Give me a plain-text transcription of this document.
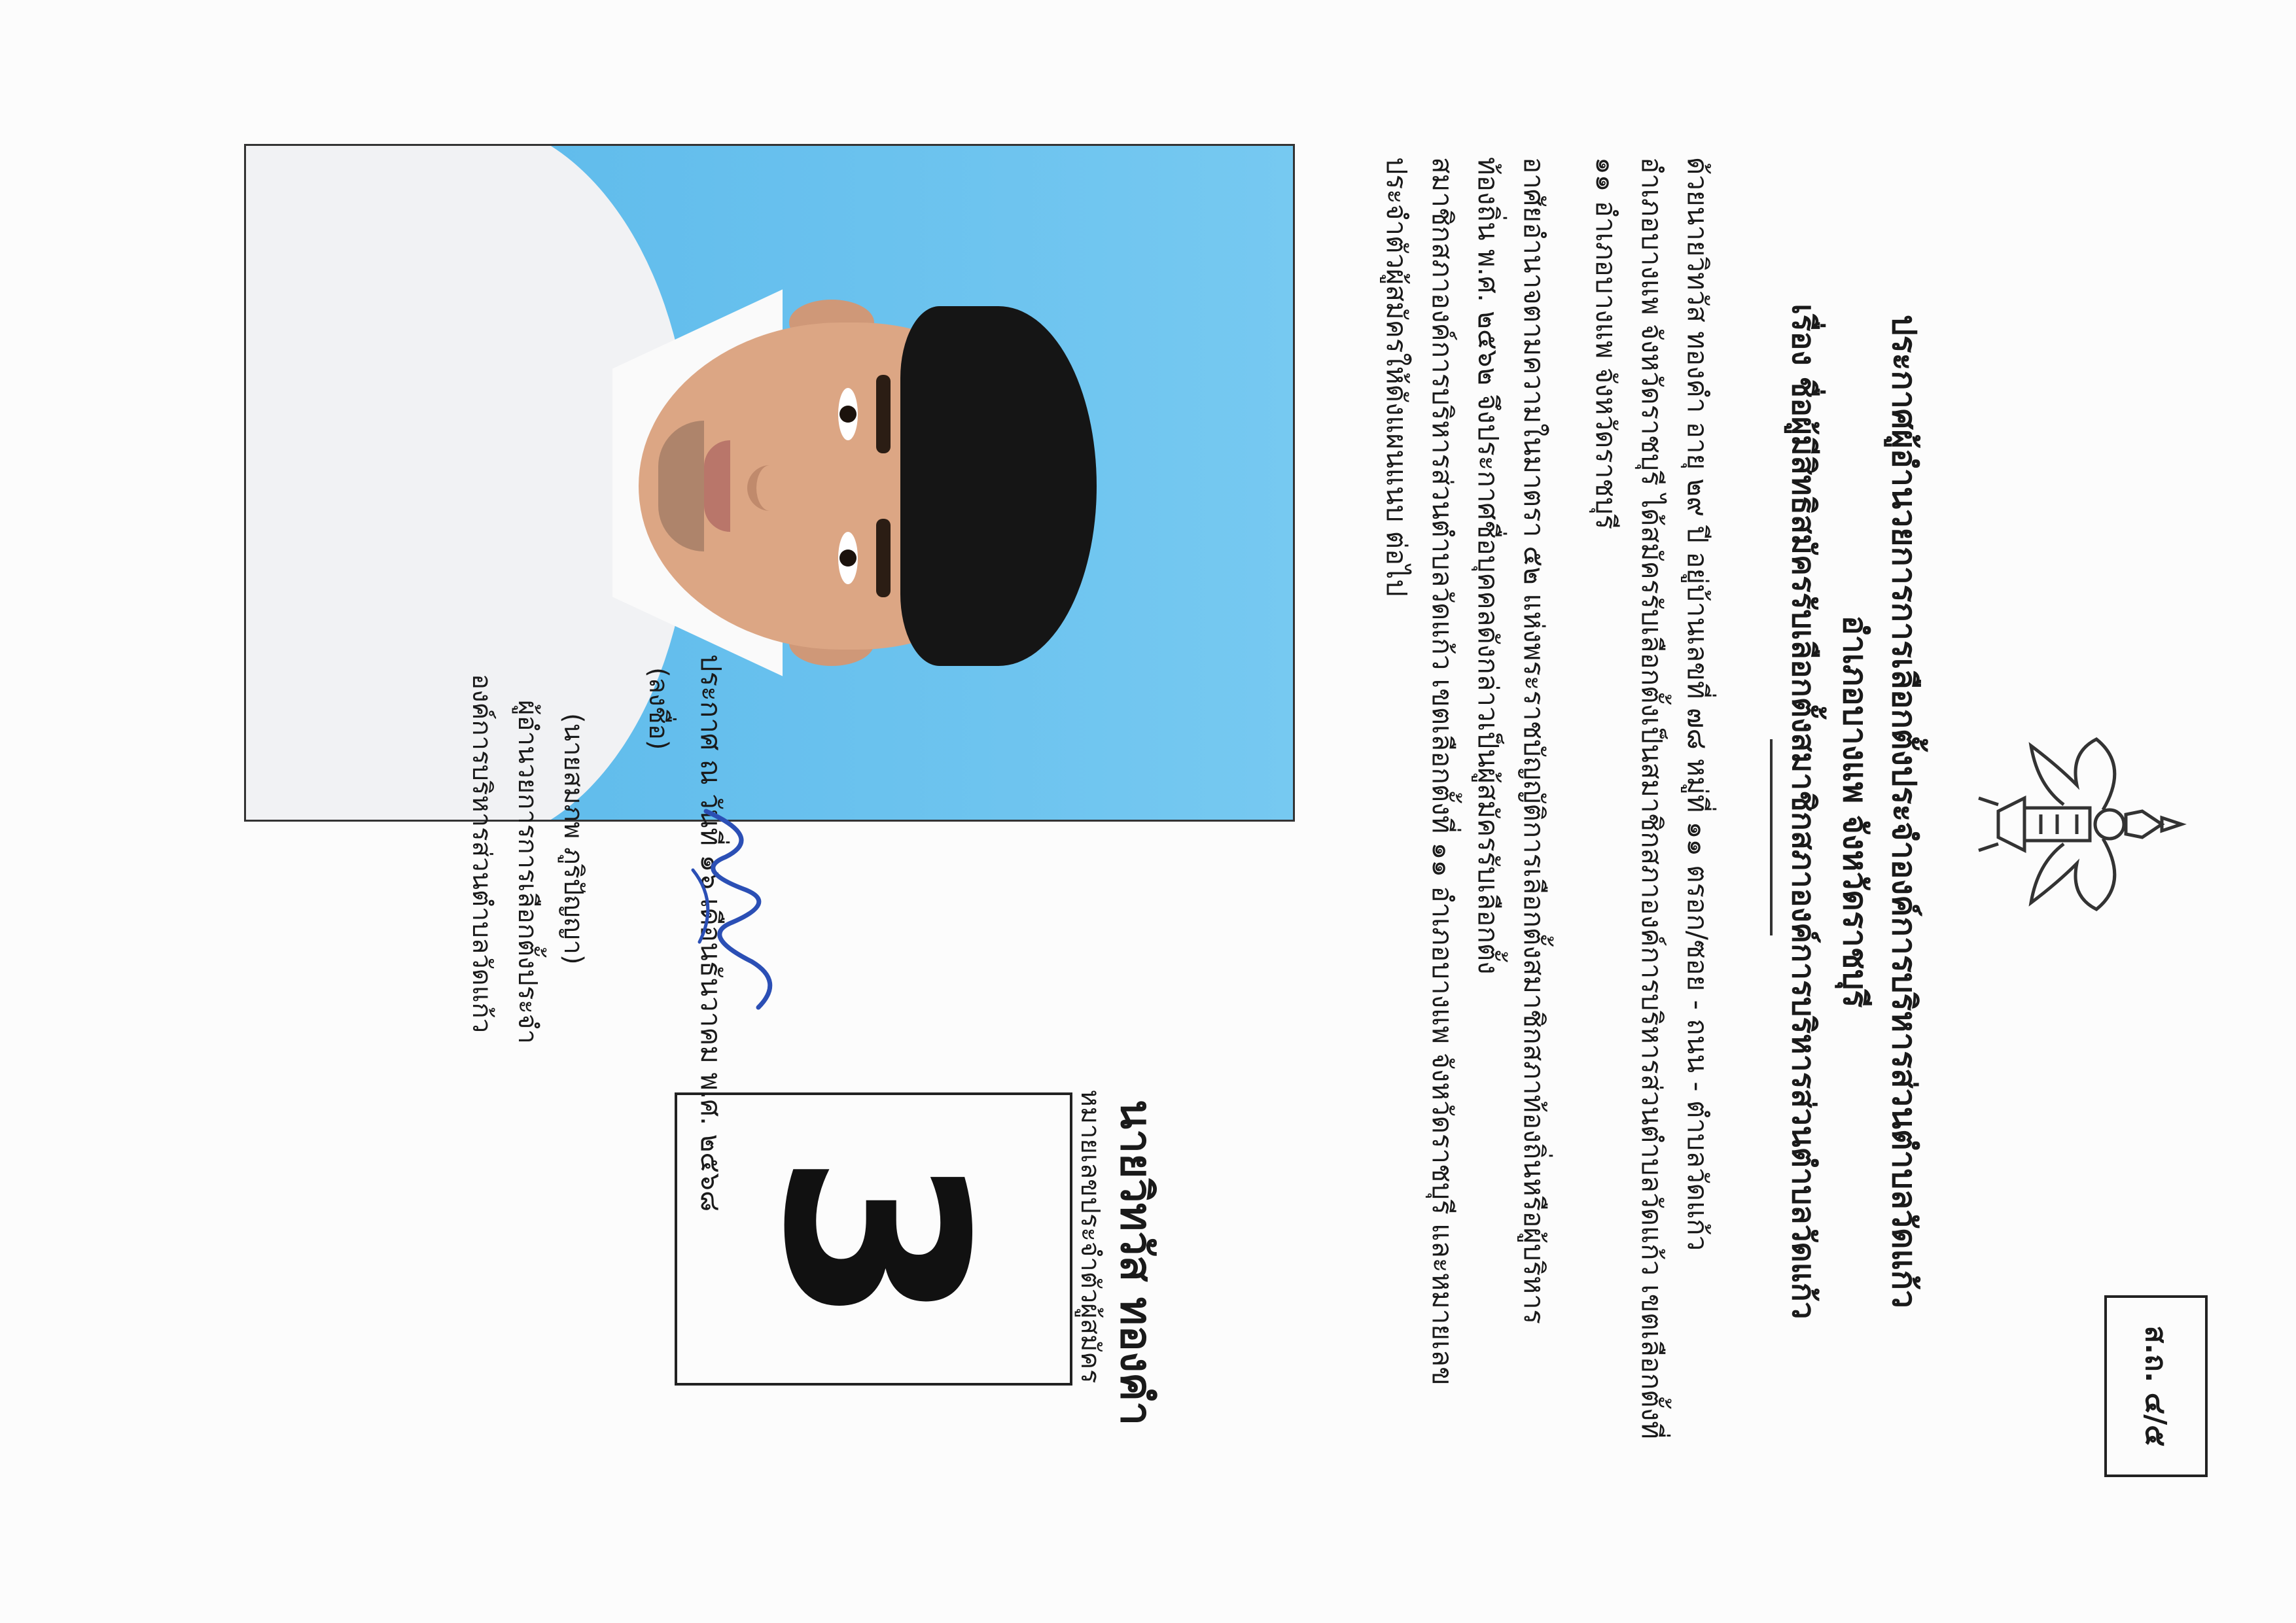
ส.ถ. ๔/๕
ประกาศผู้อำนวยการการเลือกตั้งประจำองค์การบริหารส่วนตำบลวัดแก้ว
อำเภอบางแพ จังหวัดราชบุรี
เรื่อง ชื่อผู้มีสิทธิสมัครรับเลือกตั้งสมาชิกสภาองค์การบริหารส่วนตำบลวัดแก้ว
ด้วยนายวิทวัส ทองคำ อายุ ๒๙ ปี อยู่บ้านเลขที่ ๗๘ หมู่ที่ ๑๑ ตรอก/ซอย - ถนน - ตำบลวัดแก้ว
อำเภอบางแพ จังหวัดราชบุรี ได้สมัครรับเลือกตั้งเป็นสมาชิกสภาองค์การบริหารส่วนตำบลวัดแก้ว เขตเลือกตั้งที่
๑๑ อำเภอบางแพ จังหวัดราชบุรี
อาศัยอำนาจตามความในมาตรา ๕๒ แห่งพระราชบัญญัติการเลือกตั้งสมาชิกสภาท้องถิ่นหรือผู้บริหาร
ท้องถิ่น พ.ศ. ๒๕๖๒ จึงประกาศชื่อบุคคลดังกล่าวเป็นผู้สมัครรับเลือกตั้ง
สมาชิกสภาองค์การบริหารส่วนตำบลวัดแก้ว เขตเลือกตั้งที่ ๑๑ อำเภอบางแพ จังหวัดราชบุรี และหมายเลข
ประจำตัวผู้สมัครให้ดังแผนแนบ ต่อไป
นายวิทวัส ทองคำ
หมายเลขประจำตัวผู้สมัคร
3
ประกาศ ณ วันที่ ๑๖ เดือนธันวาคม พ.ศ. ๒๕๖๘
(ลงชื่อ)
(นายสมภพ ภูริปัญญา)
ผู้อำนวยการการเลือกตั้งประจำ
องค์การบริหารส่วนตำบลวัดแก้ว
